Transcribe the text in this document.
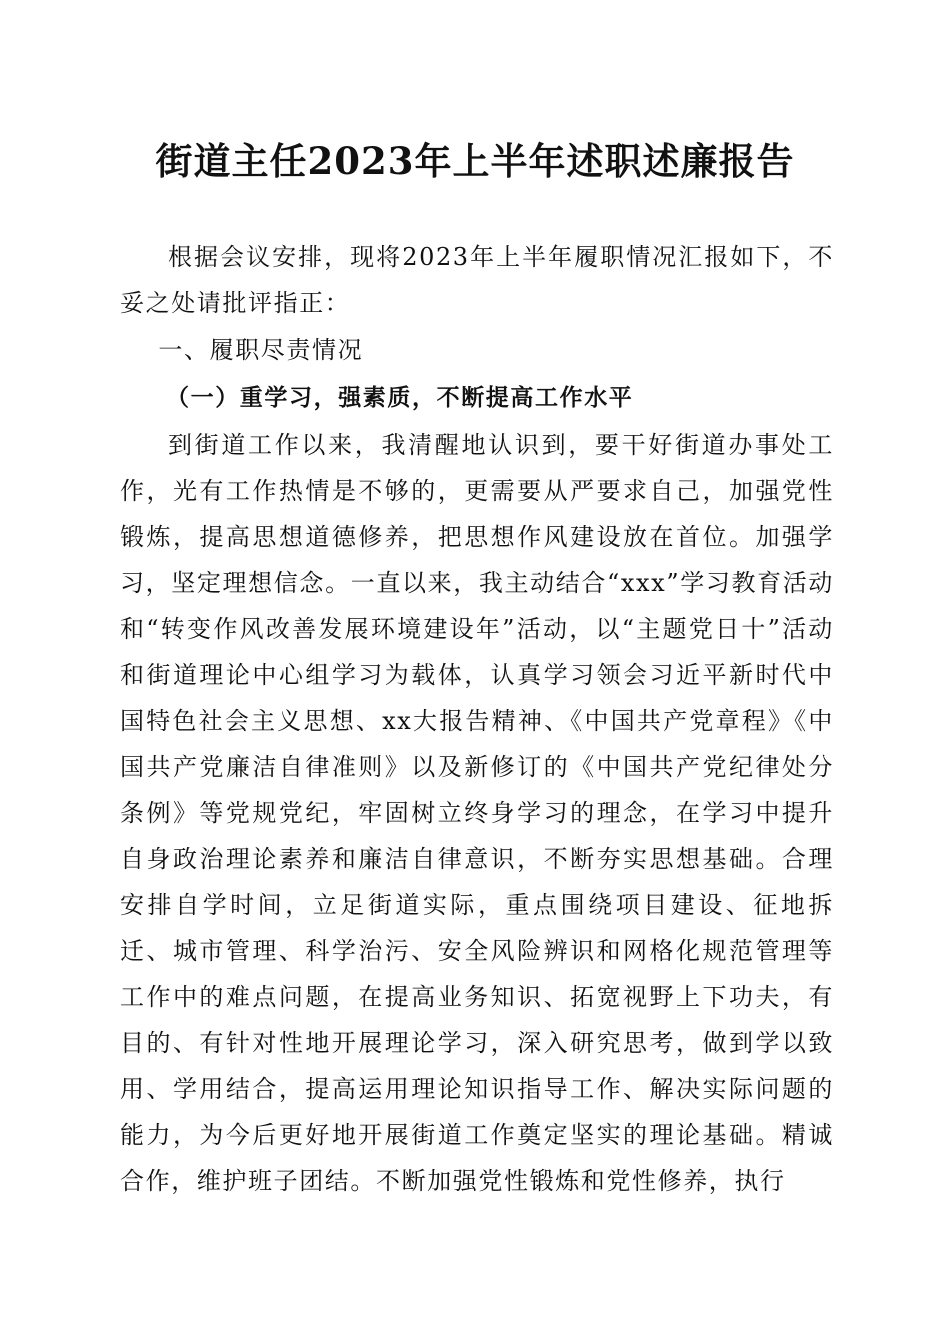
街道主任2023年上半年述职述廉报告

根据会议安排，现将2023年上半年履职情况汇报如下，不妥之处请批评指正：

一、履职尽责情况
（一）重学习，强素质，不断提高工作水平

到街道工作以来，我清醒地认识到，要干好街道办事处工作，光有工作热情是不够的，更需要从严要求自己，加强党性锻炼，提高思想道德修养，把思想作风建设放在首位。加强学习，坚定理想信念。一直以来，我主动结合“xxx”学习教育活动和“转变作风改善发展环境建设年”活动，以“主题党日十”活动和街道理论中心组学习为载体，认真学习领会习近平新时代中国特色社会主义思想、xx大报告精神、《中国共产党章程》《中国共产党廉洁自律准则》以及新修订的《中国共产党纪律处分条例》等党规党纪，牢固树立终身学习的理念，在学习中提升自身政治理论素养和廉洁自律意识，不断夯实思想基础。合理安排自学时间，立足街道实际，重点围绕项目建设、征地拆迁、城市管理、科学治污、安全风险辨识和网格化规范管理等工作中的难点问题，在提高业务知识、拓宽视野上下功夫，有目的、有针对性地开展理论学习，深入研究思考，做到学以致用、学用结合，提高运用理论知识指导工作、解决实际问题的能力，为今后更好地开展街道工作奠定坚实的理论基础。精诚合作，维护班子团结。不断加强党性锻炼和党性修养，执行
